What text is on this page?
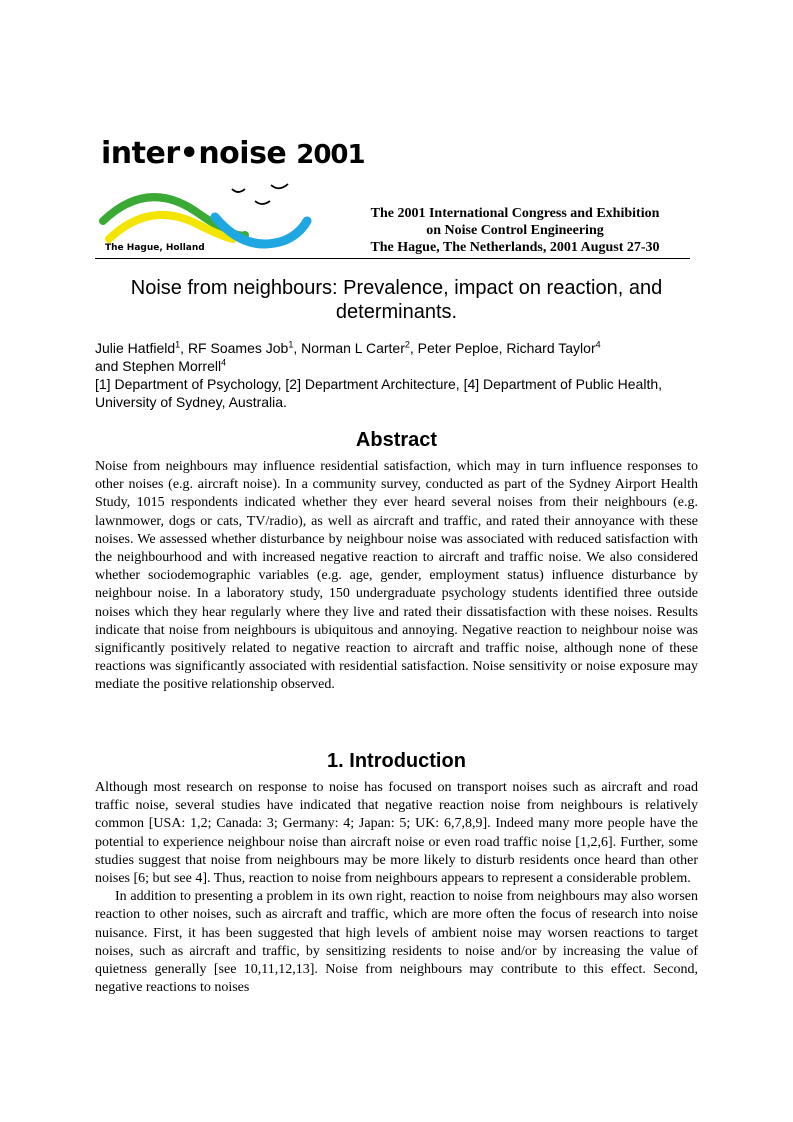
inter•noise 2001
The Hague, Holland
The 2001 International Congress and Exhibition
on Noise Control Engineering
The Hague, The Netherlands, 2001 August 27-30
Noise from neighbours: Prevalence, impact on reaction, and determinants.
Julie Hatfield$^1$, RF Soames Job$^1$, Norman L Carter$^2$, Peter Peploe, Richard Taylor$^4$
and Stephen Morrell$^4$
[1] Department of Psychology, [2] Department Architecture, [4] Department of Public Health, University of Sydney, Australia.
Abstract

Noise from neighbours may influence residential satisfaction, which may in turn influence responses to other noises (e.g. aircraft noise). In a community survey, conducted as part of the Sydney Airport Health Study, 1015 respondents indicated whether they ever heard several noises from their neighbours (e.g. lawnmower, dogs or cats, TV/radio), as well as aircraft and traffic, and rated their annoyance with these noises. We assessed whether disturbance by neighbour noise was associated with reduced satisfaction with the neighbourhood and with increased negative reaction to aircraft and traffic noise. We also considered whether sociodemographic variables (e.g. age, gender, employment status) influence disturbance by neighbour noise. In a laboratory study, 150 undergraduate psychology students identified three outside noises which they hear regularly where they live and rated their dissatisfaction with these noises. Results indicate that noise from neighbours is ubiquitous and annoying. Negative reaction to neighbour noise was significantly positively related to negative reaction to aircraft and traffic noise, although none of these reactions was significantly associated with residential satisfaction. Noise sensitivity or noise exposure may mediate the positive relationship observed.

1. Introduction

Although most research on response to noise has focused on transport noises such as aircraft and road traffic noise, several studies have indicated that negative reaction noise from neighbours is relatively common [USA: 1,2; Canada: 3; Germany: 4; Japan: 5; UK: 6,7,8,9]. Indeed many more people have the potential to experience neighbour noise than aircraft noise or even road traffic noise [1,2,6]. Further, some studies suggest that noise from neighbours may be more likely to disturb residents once heard than other noises [6; but see 4]. Thus, reaction to noise from neighbours appears to represent a considerable problem.

In addition to presenting a problem in its own right, reaction to noise from neighbours may also worsen reaction to other noises, such as aircraft and traffic, which are more often the focus of research into noise nuisance. First, it has been suggested that high levels of ambient noise may worsen reactions to target noises, such as aircraft and traffic, by sensitizing residents to noise and/or by increasing the value of quietness generally [see 10,11,12,13]. Noise from neighbours may contribute to this effect. Second, negative reactions to noises
